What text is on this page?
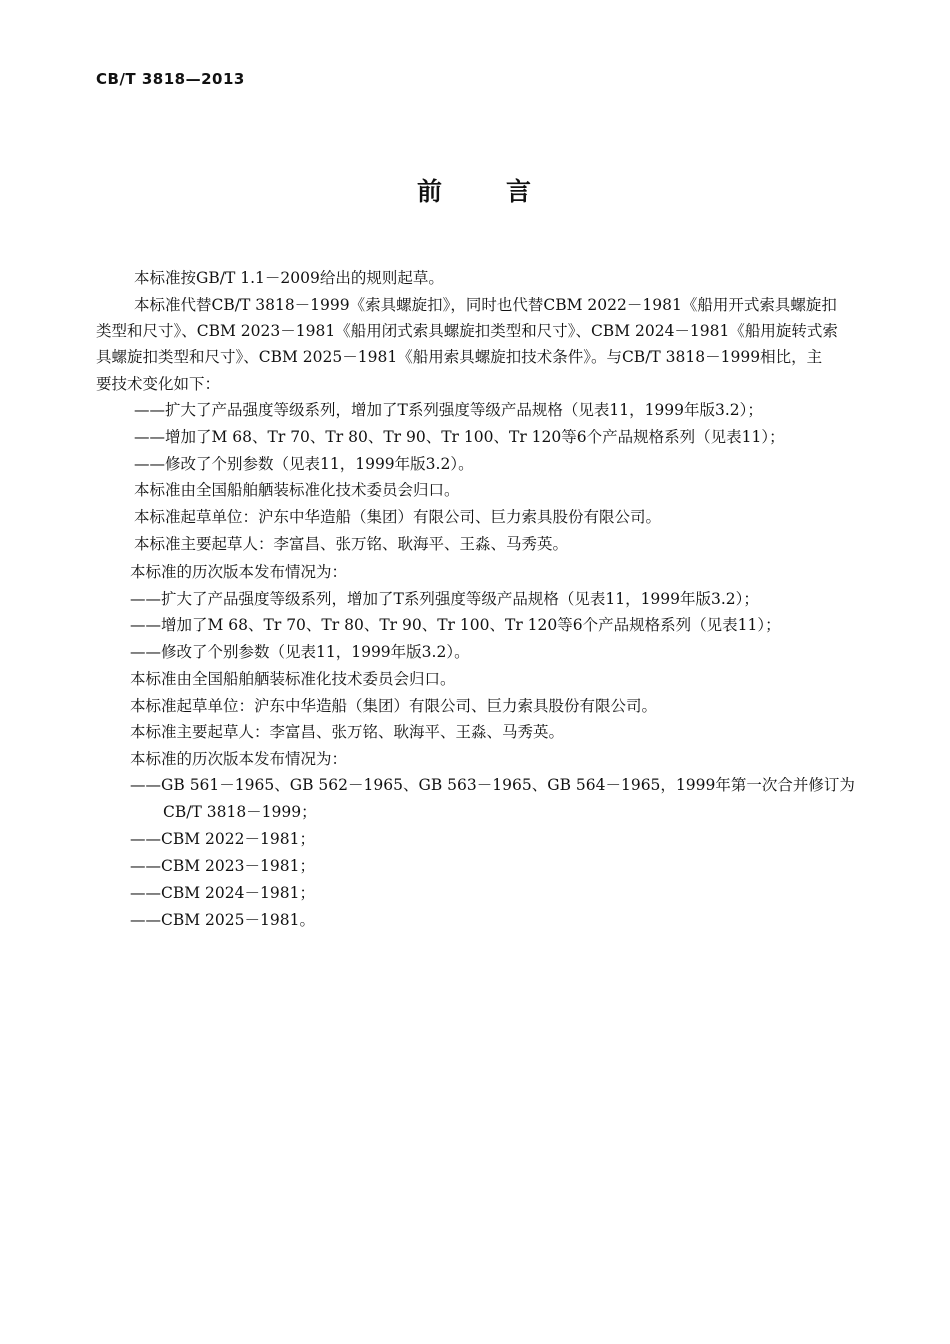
CB/T 3818—2013
前 言
本标准按GB/T 1.1－2009给出的规则起草。
本标准代替CB/T 3818－1999《索具螺旋扣》，同时也代替CBM 2022－1981《船用开式索具螺旋扣
类型和尺寸》、CBM 2023－1981《船用闭式索具螺旋扣类型和尺寸》、CBM 2024－1981《船用旋转式索
具螺旋扣类型和尺寸》、CBM 2025－1981《船用索具螺旋扣技术条件》。与CB/T 3818－1999相比，主
要技术变化如下：
——扩大了产品强度等级系列，增加了T系列强度等级产品规格（见表11，1999年版3.2）；
——增加了M 68、Tr 70、Tr 80、Tr 90、Tr 100、Tr 120等6个产品规格系列（见表11）；
——修改了个别参数（见表11，1999年版3.2）。
本标准由全国船舶舾装标准化技术委员会归口。
本标准起草单位：沪东中华造船（集团）有限公司、巨力索具股份有限公司。
本标准主要起草人：李富昌、张万铭、耿海平、王淼、马秀英。
本标准的历次版本发布情况为：
——扩大了产品强度等级系列，增加了T系列强度等级产品规格（见表11，1999年版3.2）；
——增加了M 68、Tr 70、Tr 80、Tr 90、Tr 100、Tr 120等6个产品规格系列（见表11）；
——修改了个别参数（见表11，1999年版3.2）。
本标准由全国船舶舾装标准化技术委员会归口。
本标准起草单位：沪东中华造船（集团）有限公司、巨力索具股份有限公司。
本标准主要起草人：李富昌、张万铭、耿海平、王淼、马秀英。
本标准的历次版本发布情况为：
——GB 561－1965、GB 562－1965、GB 563－1965、GB 564－1965，1999年第一次合并修订为
CB/T 3818－1999；
——CBM 2022－1981；
——CBM 2023－1981；
——CBM 2024－1981；
——CBM 2025－1981。
